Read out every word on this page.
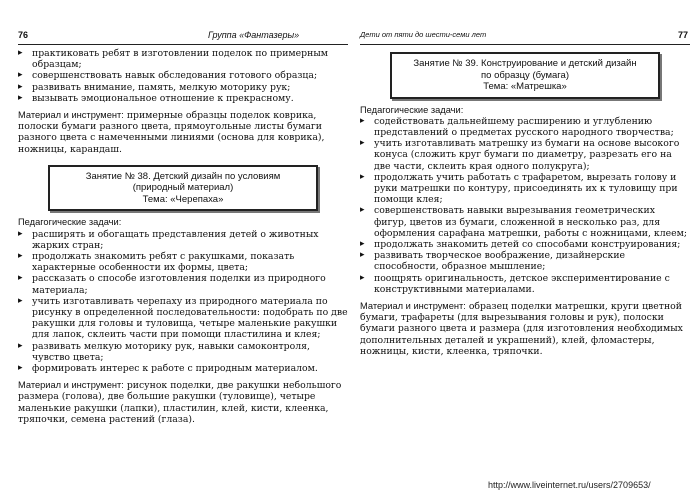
76	Группа «Фантазеры»
▸ практиковать ребят в изготовлении поделок по примерным образцам;
▸ совершенствовать навык обследования готового образца;
▸ развивать внимание, память, мелкую моторику рук;
▸ вызывать эмоциональное отношение к прекрасному.

Материал и инструмент: примерные образцы поделок коврика, полоски бумаги разного цвета, прямоугольные листы бумаги разного цвета с намеченными линиями (основа для коврика), ножницы, карандаш.

Занятие № 38. Детский дизайн по условиям
(природный материал)
Тема: «Черепаха»

Педагогические задачи:

▸ расширять и обогащать представления детей о животных жарких стран;
▸ продолжать знакомить ребят с ракушками, показать характерные особенности их формы, цвета;
▸ рассказать о способе изготовления поделки из природного материала;
▸ учить изготавливать черепаху из природного материала по рисунку в определенной последовательности: подобрать по две ракушки для головы и туловища, четыре маленькие ракушки для лапок, склеить части при помощи пластилина и клея;
▸ развивать мелкую моторику рук, навыки самоконтроля, чувство цвета;
▸ формировать интерес к работе с природным материалом.

Материал и инструмент: рисунок поделки, две ракушки небольшого размера (голова), две большие ракушки (туловище), четыре маленькие ракушки (лапки), пластилин, клей, кисти, клеенка, тряпочки, семена растений (глаза).

Дети от пяти до шести-семи лет	77
Занятие № 39. Конструирование и детский дизайн
по образцу (бумага)
Тема: «Матрешка»

Педагогические задачи:

▸ содействовать дальнейшему расширению и углублению представлений о предметах русского народного творчества;
▸ учить изготавливать матрешку из бумаги на основе высокого конуса (сложить круг бумаги по диаметру, разрезать его на две части, склеить края одного полукруга);
▸ продолжать учить работать с трафаретом, вырезать голову и руки матрешки по контуру, присоединять их к туловищу при помощи клея;
▸ совершенствовать навыки вырезывания геометрических фигур, цветов из бумаги, сложенной в несколько раз, для оформления сарафана матрешки, работы с ножницами, клеем;
▸ продолжать знакомить детей со способами конструирования;
▸ развивать творческое воображение, дизайнерские способности, образное мышление;
▸ поощрять оригинальность, детское экспериментирование с конструктивными материалами.

Материал и инструмент: образец поделки матрешки, круги цветной бумаги, трафареты (для вырезывания головы и рук), полоски бумаги разного цвета и размера (для изготовления необходимых дополнительных деталей и украшений), клей, фломастеры, ножницы, кисти, клеенка, тряпочки.

http://www.liveinternet.ru/users/2709653/
